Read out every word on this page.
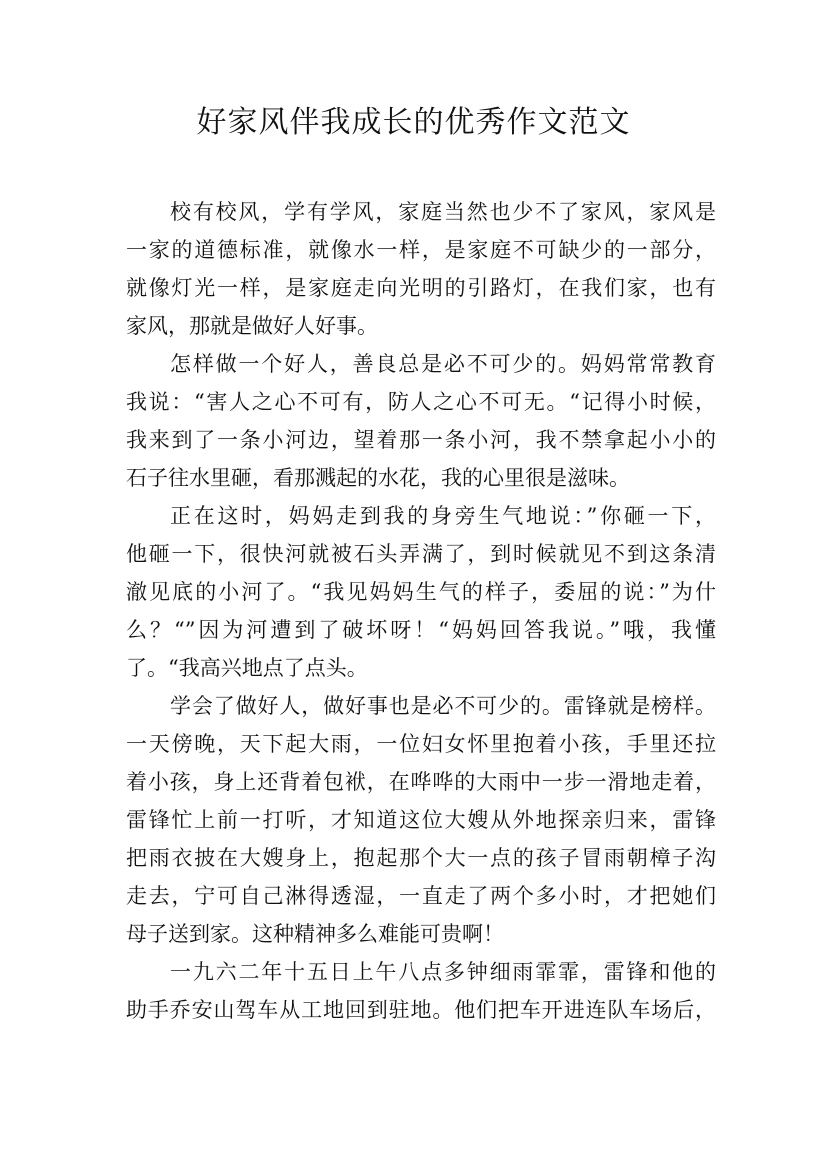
好家风伴我成长的优秀作文范文
校有校风，学有学风，家庭当然也少不了家风，家风是
一家的道德标准，就像水一样，是家庭不可缺少的一部分，
就像灯光一样，是家庭走向光明的引路灯，在我们家，也有
家风，那就是做好人好事。
怎样做一个好人，善良总是必不可少的。妈妈常常教育
我说：“害人之心不可有，防人之心不可无。“记得小时候，
我来到了一条小河边，望着那一条小河，我不禁拿起小小的
石子往水里砸，看那溅起的水花，我的心里很是滋味。
正在这时，妈妈走到我的身旁生气地说：”你砸一下，
他砸一下，很快河就被石头弄满了，到时候就见不到这条清
澈见底的小河了。“我见妈妈生气的样子，委屈的说：”为什
么？“”因为河遭到了破坏呀！“妈妈回答我说。”哦，我懂
了。“我高兴地点了点头。
学会了做好人，做好事也是必不可少的。雷锋就是榜样。
一天傍晚，天下起大雨，一位妇女怀里抱着小孩，手里还拉
着小孩，身上还背着包袱，在哗哗的大雨中一步一滑地走着，
雷锋忙上前一打听，才知道这位大嫂从外地探亲归来，雷锋
把雨衣披在大嫂身上，抱起那个大一点的孩子冒雨朝樟子沟
走去，宁可自己淋得透湿，一直走了两个多小时，才把她们
母子送到家。这种精神多么难能可贵啊！
一九六二年十五日上午八点多钟细雨霏霏，雷锋和他的
助手乔安山驾车从工地回到驻地。他们把车开进连队车场后，
